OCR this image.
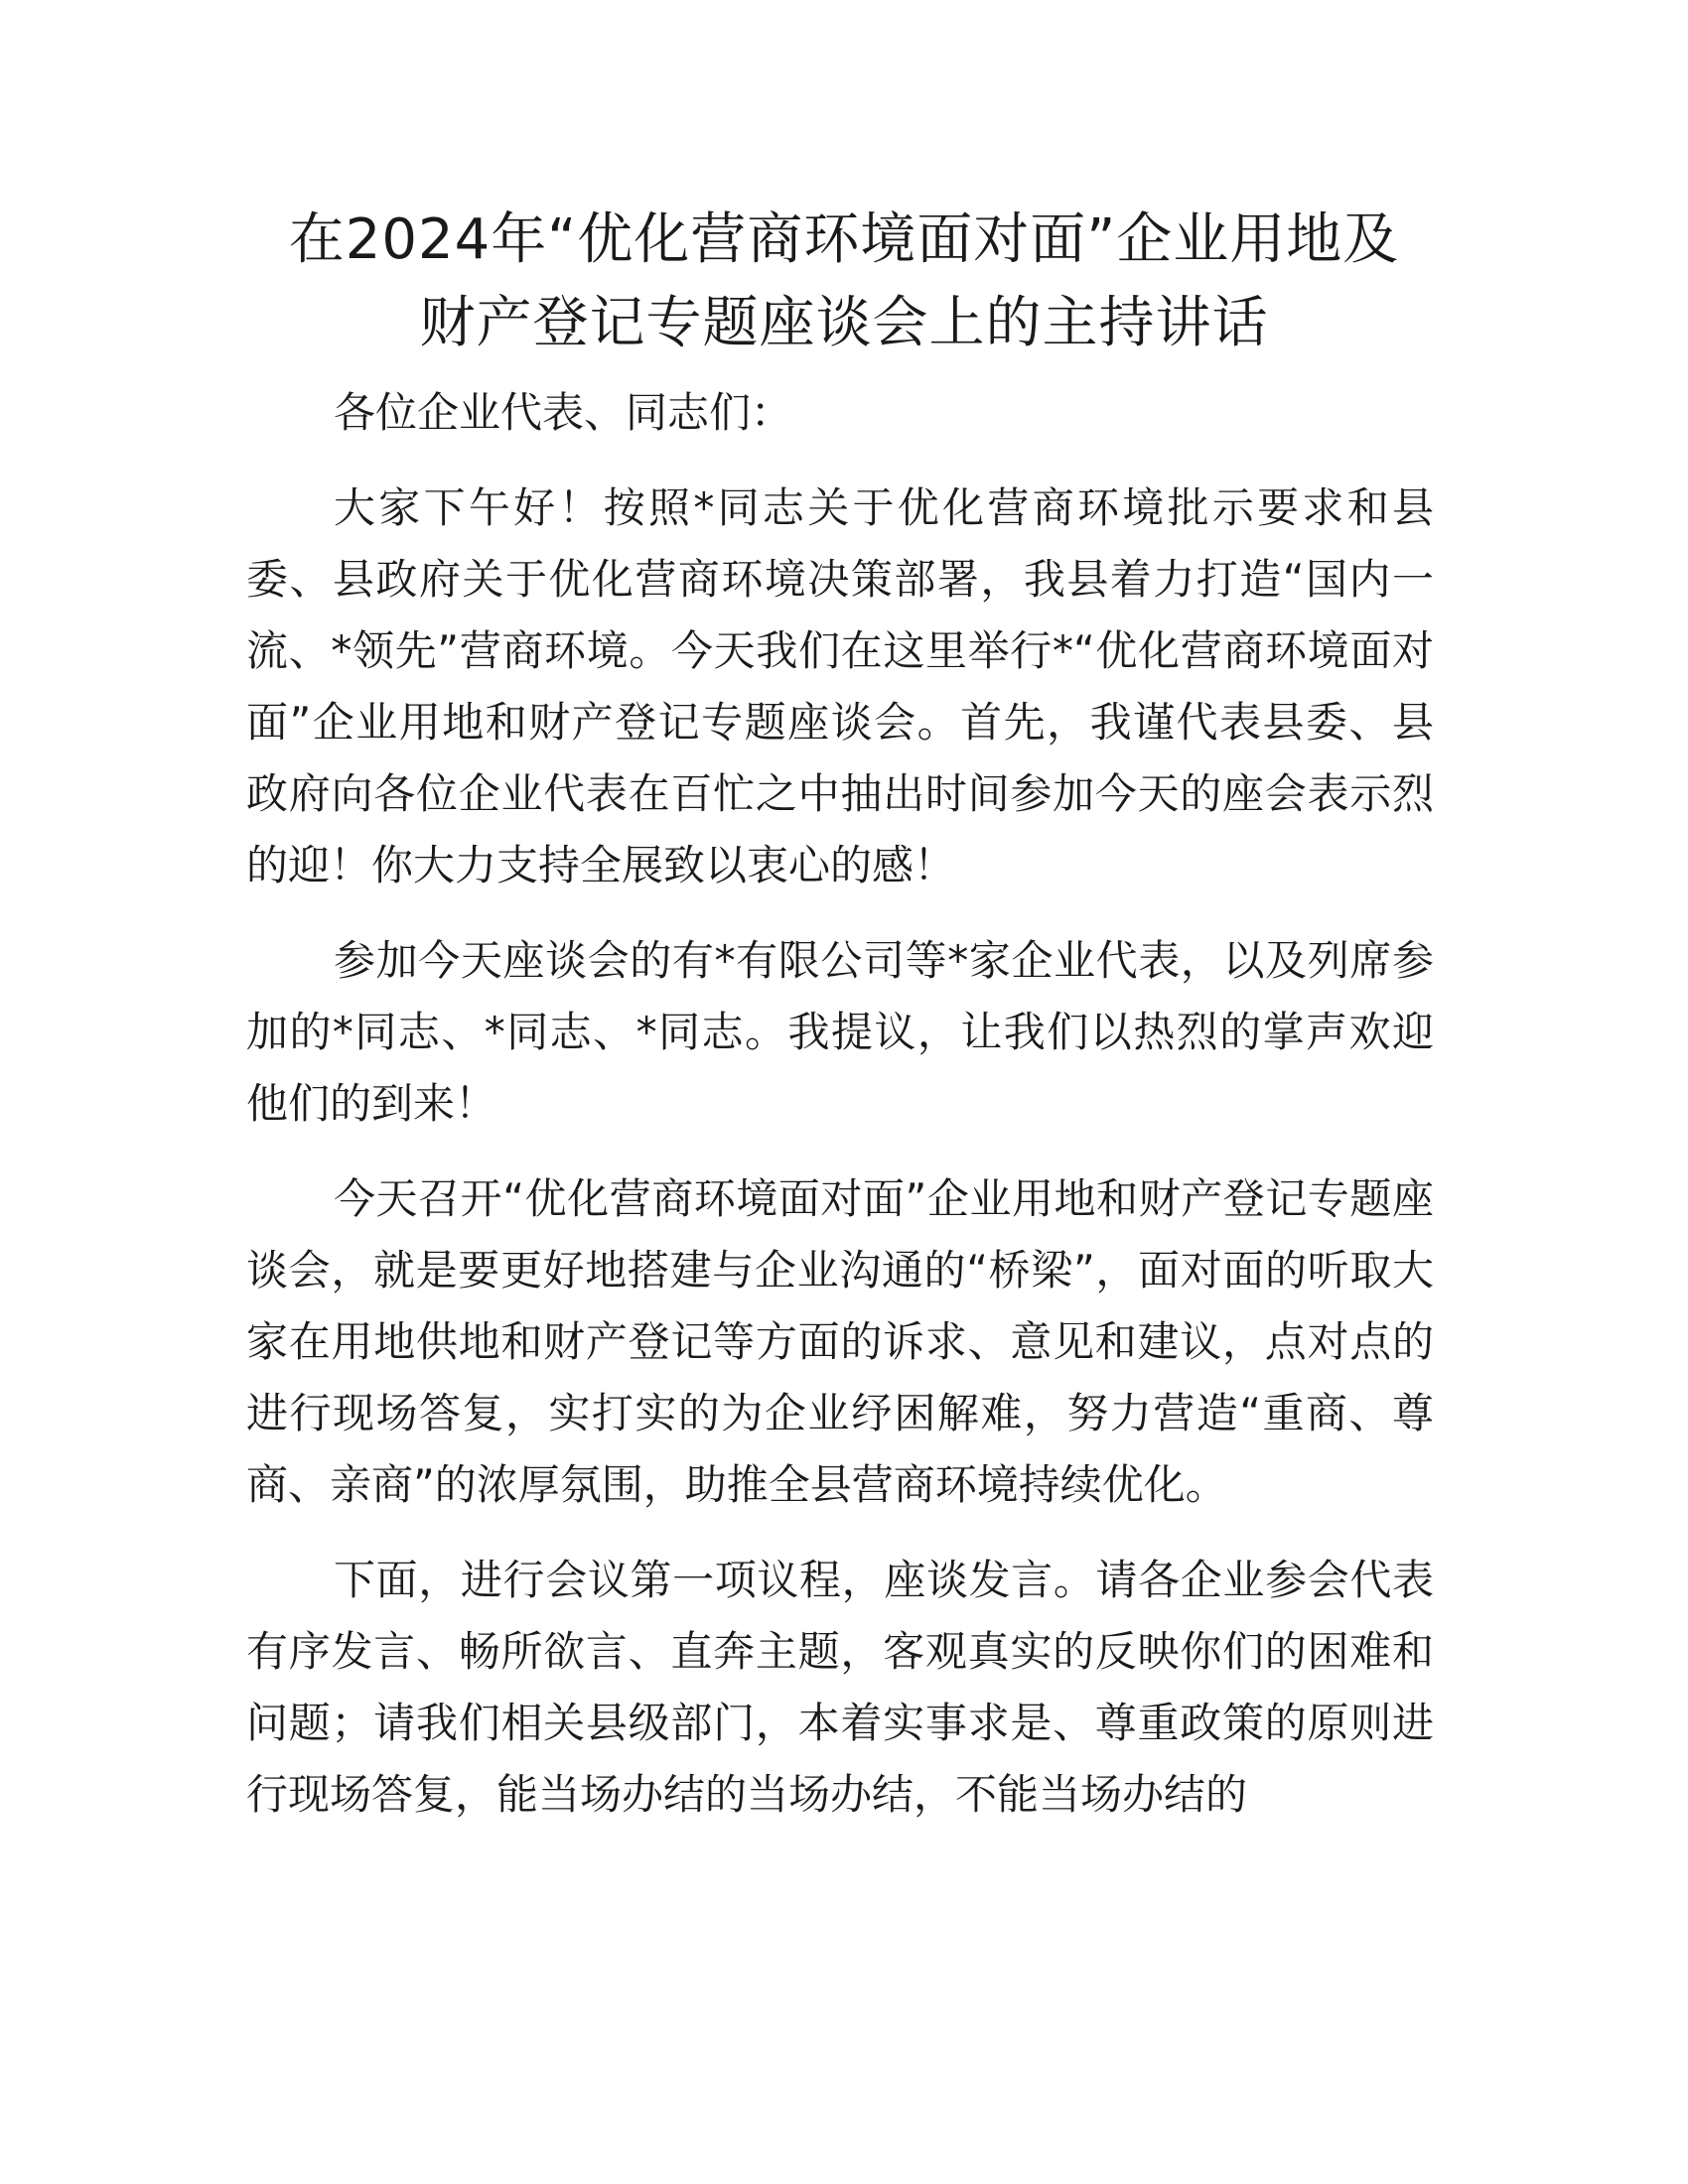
在2024年“优化营商环境面对面”企业用地及
财产登记专题座谈会上的主持讲话

各位企业代表、同志们：

大家下午好！按照*同志关于优化营商环境批示要求和县委、县政府关于优化营商环境决策部署，我县着力打造“国内一流、*领先”营商环境。今天我们在这里举行*“优化营商环境面对面”企业用地和财产登记专题座谈会。首先，我谨代表县委、县政府向各位企业代表在百忙之中抽出时间参加今天的座会表示烈的迎！你大力支持全展致以衷心的感！

参加今天座谈会的有*有限公司等*家企业代表，以及列席参加的*同志、*同志、*同志。我提议，让我们以热烈的掌声欢迎他们的到来！

今天召开“优化营商环境面对面”企业用地和财产登记专题座谈会，就是要更好地搭建与企业沟通的“桥梁”，面对面的听取大家在用地供地和财产登记等方面的诉求、意见和建议，点对点的进行现场答复，实打实的为企业纾困解难，努力营造“重商、尊商、亲商”的浓厚氛围，助推全县营商环境持续优化。

下面，进行会议第一项议程，座谈发言。请各企业参会代表有序发言、畅所欲言、直奔主题，客观真实的反映你们的困难和问题；请我们相关县级部门，本着实事求是、尊重政策的原则进行现场答复，能当场办结的当场办结，不能当场办结的
